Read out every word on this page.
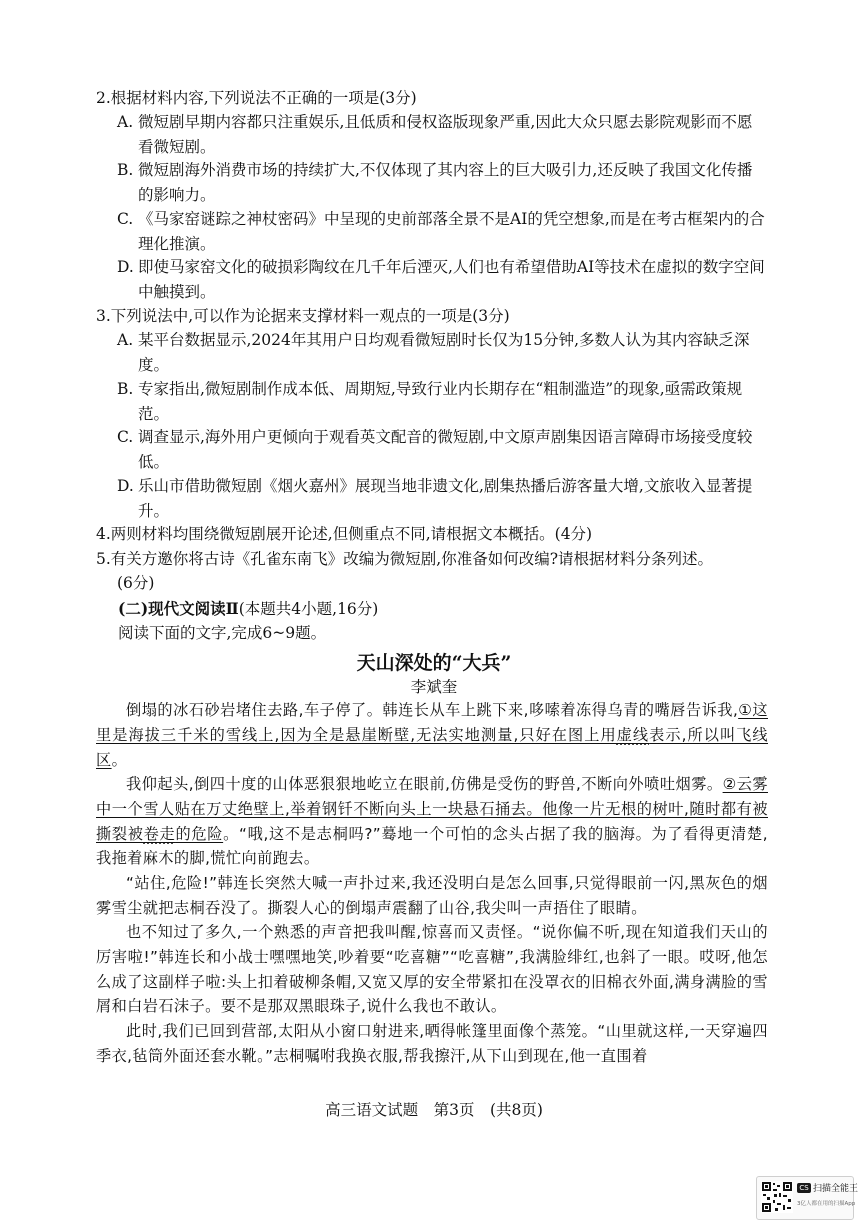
2.根据材料内容,下列说法不正确的一项是(3分)
A. 微短剧早期内容都只注重娱乐,且低质和侵权盗版现象严重,因此大众只愿去影院观影而不愿看微短剧。
B. 微短剧海外消费市场的持续扩大,不仅体现了其内容上的巨大吸引力,还反映了我国文化传播的影响力。
C. 《马家窑谜踪之神杖密码》中呈现的史前部落全景不是AI的凭空想象,而是在考古框架内的合理化推演。
D. 即使马家窑文化的破损彩陶纹在几千年后湮灭,人们也有希望借助AI等技术在虚拟的数字空间中触摸到。
3.下列说法中,可以作为论据来支撑材料一观点的一项是(3分)
A. 某平台数据显示,2024年其用户日均观看微短剧时长仅为15分钟,多数人认为其内容缺乏深度。
B. 专家指出,微短剧制作成本低、周期短,导致行业内长期存在“粗制滥造”的现象,亟需政策规范。
C. 调查显示,海外用户更倾向于观看英文配音的微短剧,中文原声剧集因语言障碍市场接受度较低。
D. 乐山市借助微短剧《烟火嘉州》展现当地非遗文化,剧集热播后游客量大增,文旅收入显著提升。
4.两则材料均围绕微短剧展开论述,但侧重点不同,请根据文本概括。(4分)
5.有关方邀你将古诗《孔雀东南飞》改编为微短剧,你准备如何改编?请根据材料分条列述。
(6分)
(二)现代文阅读Ⅱ(本题共4小题,16分)
阅读下面的文字,完成6~9题。
天山深处的“大兵”
李斌奎
倒塌的冰石砂岩堵住去路,车子停了。韩连长从车上跳下来,哆嗦着冻得乌青的嘴唇告诉我,①这里是海拔三千米的雪线上,因为全是悬崖断壁,无法实地测量,只好在图上用虚线表示,所以叫飞线区。
我仰起头,倒四十度的山体恶狠狠地屹立在眼前,仿佛是受伤的野兽,不断向外喷吐烟雾。②云雾中一个雪人贴在万丈绝壁上,举着钢钎不断向头上一块悬石捅去。他像一片无根的树叶,随时都有被撕裂被卷走的危险。“哦,这不是志桐吗?”蓦地一个可怕的念头占据了我的脑海。为了看得更清楚,我拖着麻木的脚,慌忙向前跑去。
“站住,危险!”韩连长突然大喊一声扑过来,我还没明白是怎么回事,只觉得眼前一闪,黑灰色的烟雾雪尘就把志桐吞没了。撕裂人心的倒塌声震翻了山谷,我尖叫一声捂住了眼睛。
也不知过了多久,一个熟悉的声音把我叫醒,惊喜而又责怪。“说你偏不听,现在知道我们天山的厉害啦!”韩连长和小战士嘿嘿地笑,吵着要“吃喜糖”“吃喜糖”,我满脸绯红,也斜了一眼。哎呀,他怎么成了这副样子啦:头上扣着破柳条帽,又宽又厚的安全带紧扣在没罩衣的旧棉衣外面,满身满脸的雪屑和白岩石沫子。要不是那双黑眼珠子,说什么我也不敢认。
此时,我们已回到营部,太阳从小窗口射进来,晒得帐篷里面像个蒸笼。“山里就这样,一天穿遍四季衣,毡筒外面还套水靴。”志桐嘱咐我换衣服,帮我擦汗,从下山到现在,他一直围着
高三语文试题  第3页  (共8页)
CS 扫描全能王
3亿人都在用的扫描App
